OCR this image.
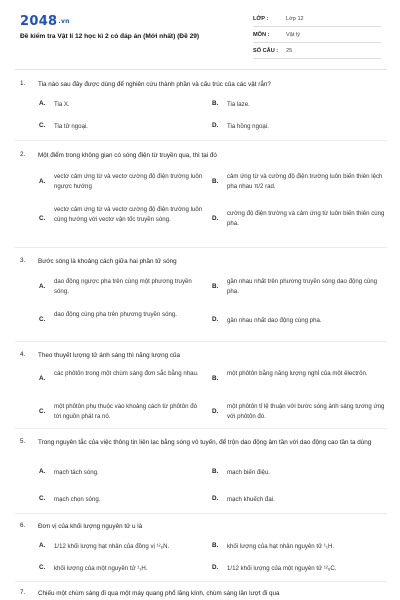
2048.vn
Đề kiểm tra Vật lí 12 học kì 2 có đáp án (Mới nhất) (Đề 29)
LỚP :	Lớp 12
MÔN :	Vật lý
SỐ CÂU : 25
1. Tia nào sau đây được dùng để nghiên cứu thành phần và cấu trúc của các vật rắn?
A. Tia X.	B. Tia laze.
C. Tia tử ngoại.	D. Tia hồng ngoại.
2. Một điểm trong không gian có sóng điện từ truyền qua, thì tại đó
A.
vectơ cảm ứng từ và vectơ cường độ điện trường luôn ngược hướng
B.
cảm ứng từ và cường độ điện trường luôn biến thiên lệch pha nhau π/2 rad.
C.
vectơ cảm ứng từ và vectơ cường độ điện trường luôn cùng hướng với vectơ vận tốc truyền sóng.	D.
cường độ điện trường và cảm ứng từ luôn biến thiên cùng pha.
3. Bước sóng là khoảng cách giữa hai phần tử sóng
A.
dao động ngược pha trên cùng một phương truyền sóng.
B.
gần nhau nhất trên phương truyền sóng dao động cùng pha.
C.
dao động cùng pha trên phương truyền sóng.
D. gần nhau nhất dao động cùng pha.
4. Theo thuyết lượng tử ánh sáng thì năng lượng của
A.
các phôtôn trong một chùm sáng đơn sắc bằng nhau.
B.
một phôtôn bằng năng lượng nghỉ của một êlectrôn.
C.
một phôtôn phụ thuộc vào khoảng cách từ phôtôn đó tới nguồn phát ra nó.
D.
một phôtôn tỉ lệ thuận với bước sóng ánh sáng tương ứng với phôtôn đó.
5. Trong nguyên tắc của việc thông tin liên lạc bằng sóng vô tuyến, để trộn dao động âm tần với dao động cao tần ta dùng
A. mạch tách sóng.	B. mạch biến điệu.
C. mạch chọn sóng.	D. mạch khuếch đại.
6. Đơn vị của khối lượng nguyên tử u là
A. 1/12 khối lượng hạt nhân của đồng vị ¹²₆N.	B. khối lượng của hạt nhân nguyên tử ¹₁H.
C. khối lượng của một nguyên tử ¹₁H.	D. 1/12 khối lượng của một nguyên tử ¹²₆C.
7. Chiếu một chùm sáng đi qua một máy quang phổ lăng kính, chùm sáng lần lượt đi qua
